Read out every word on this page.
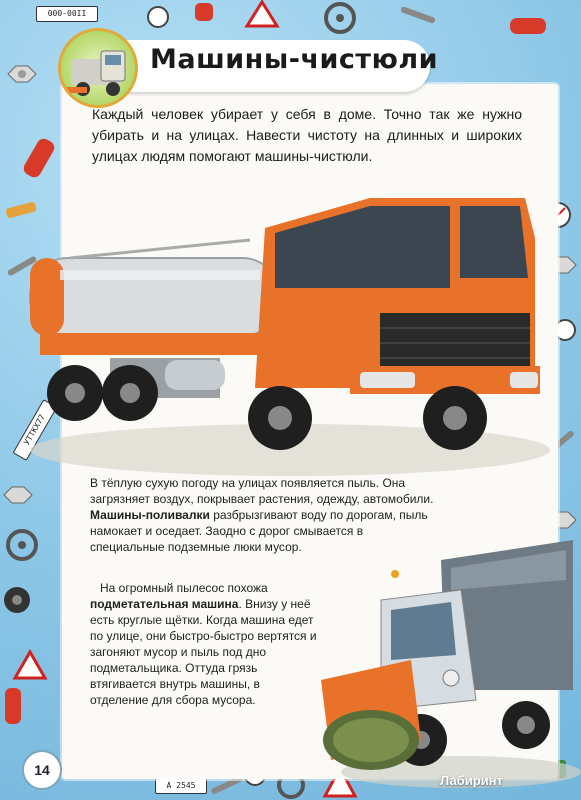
000-00II
УТТКХ77
А 2545
Машины-чистюли
Каждый человек убирает у себя в доме. Точно так же нужно убирать и на улицах. Навести чистоту на длинных и широких улицах людям помогают машины-чистюли.
В тёплую сухую погоду на улицах появляется пыль. Она загрязняет воздух, покрывает растения, одежду, автомобили. Машины-поливалки разбрызгивают воду по дорогам, пыль намокает и оседает. Заодно с дорог смывается в специальные подземные люки мусор.
На огромный пылесос похожа подметательная машина. Внизу у неё есть круглые щётки. Когда машина едет по улице, они быстро-быстро вертятся и загоняют мусор и пыль под дно подметальщика. Оттуда грязь втягивается внутрь машины, в отделение для сбора мусора.
14
Лабиринт
